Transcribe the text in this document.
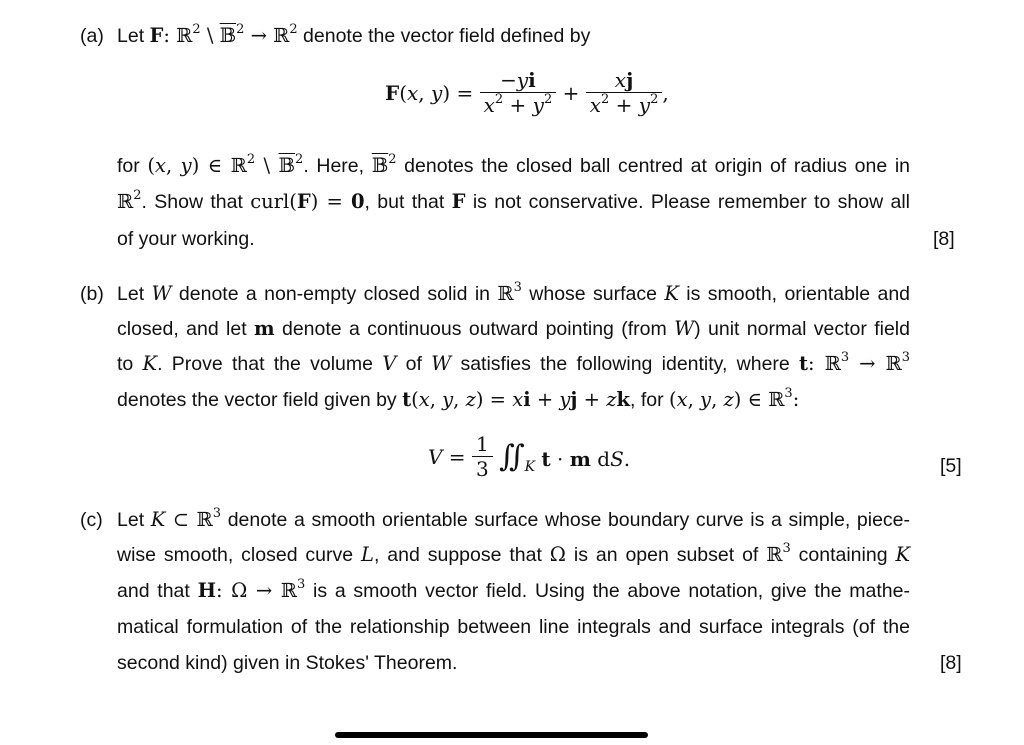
(a) Let F: ℝ$^2$ \ 𝔹$^2$ → ℝ$^2$ denote the vector field defined by
F(x, $y) = \frac{-yi}{x^2 + y^2} + \frac{xj}{x^2 + y^2}$ ,
for (x, y) ∈ ℝ$^2$ \ 𝔹$^2$. Here, 𝔹$^2$ denotes the closed ball centred at origin of radius one in
ℝ$^2$. Show that curl(F) = 0, but that F is not conservative. Please remember to show all
of your working.	[8]
(b) Let W denote a non-empty closed solid in ℝ$^3$ whose surface K is smooth, orientable and
closed, and let m denote a continuous outward pointing (from W) unit normal vector field
to K. Prove that the volume V of W satisfies the following identity, where t: ℝ$^3$ → ℝ$^3$
denotes the vector field given by t(x, y, z) = xi + yj + zk, for (x, y, z) ∈ ℝ$^3$:
$V = \frac{1}{3}$ $∬_K$ t · m dS.	[5]
(c) Let K ⊂ ℝ$^3$ denote a smooth orientable surface whose boundary curve is a simple, piece-
wise smooth, closed curve L, and suppose that Ω is an open subset of ℝ$^3$ containing K
and that H: Ω → ℝ$^3$ is a smooth vector field. Using the above notation, give the mathe-
matical formulation of the relationship between line integrals and surface integrals (of the
second kind) given in Stokes' Theorem.	[8]
